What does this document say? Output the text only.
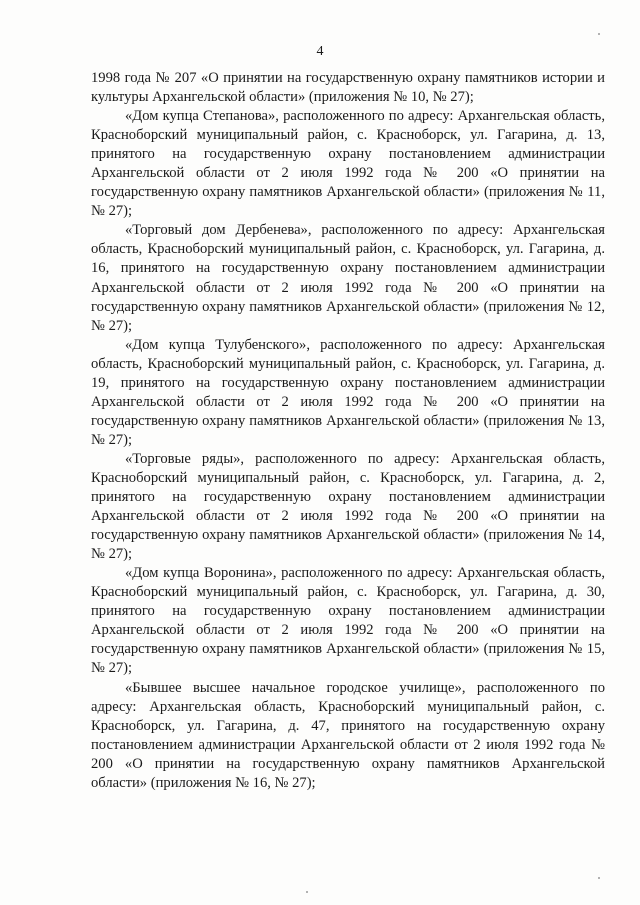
4

1998 года № 207 «О принятии на государственную охрану памятников истории и культуры Архангельской области» (приложения № 10, № 27);

«Дом купца Степанова», расположенного по адресу: Архангельская область, Красноборский муниципальный район, с. Красноборск, ул. Гагарина, д. 13, принятого на государственную охрану постановлением администрации Архангельской области от 2 июля 1992 года № 200 «О принятии на государственную охрану памятников Архангельской области» (приложения № 11, № 27);

«Торговый дом Дербенева», расположенного по адресу: Архангельская область, Красноборский муниципальный район, с. Красноборск, ул. Гагарина, д. 16, принятого на государственную охрану постановлением администрации Архангельской области от 2 июля 1992 года № 200 «О принятии на государственную охрану памятников Архангельской области» (приложения № 12, № 27);

«Дом купца Тулубенского», расположенного по адресу: Архангельская область, Красноборский муниципальный район, с. Красноборск, ул. Гагарина, д. 19, принятого на государственную охрану постановлением администрации Архангельской области от 2 июля 1992 года № 200 «О принятии на государственную охрану памятников Архангельской области» (приложения № 13, № 27);

«Торговые ряды», расположенного по адресу: Архангельская область, Красноборский муниципальный район, с. Красноборск, ул. Гагарина, д. 2, принятого на государственную охрану постановлением администрации Архангельской области от 2 июля 1992 года № 200 «О принятии на государственную охрану памятников Архангельской области» (приложения № 14, № 27);

«Дом купца Воронина», расположенного по адресу: Архангельская область, Красноборский муниципальный район, с. Красноборск, ул. Гагарина, д. 30, принятого на государственную охрану постановлением администрации Архангельской области от 2 июля 1992 года № 200 «О принятии на государственную охрану памятников Архангельской области» (приложения № 15, № 27);

«Бывшее высшее начальное городское училище», расположенного по адресу: Архангельская область, Красноборский муниципальный район, с. Красноборск, ул. Гагарина, д. 47, принятого на государственную охрану постановлением администрации Архангельской области от 2 июля 1992 года № 200 «О принятии на государственную охрану памятников Архангельской области» (приложения № 16, № 27);
